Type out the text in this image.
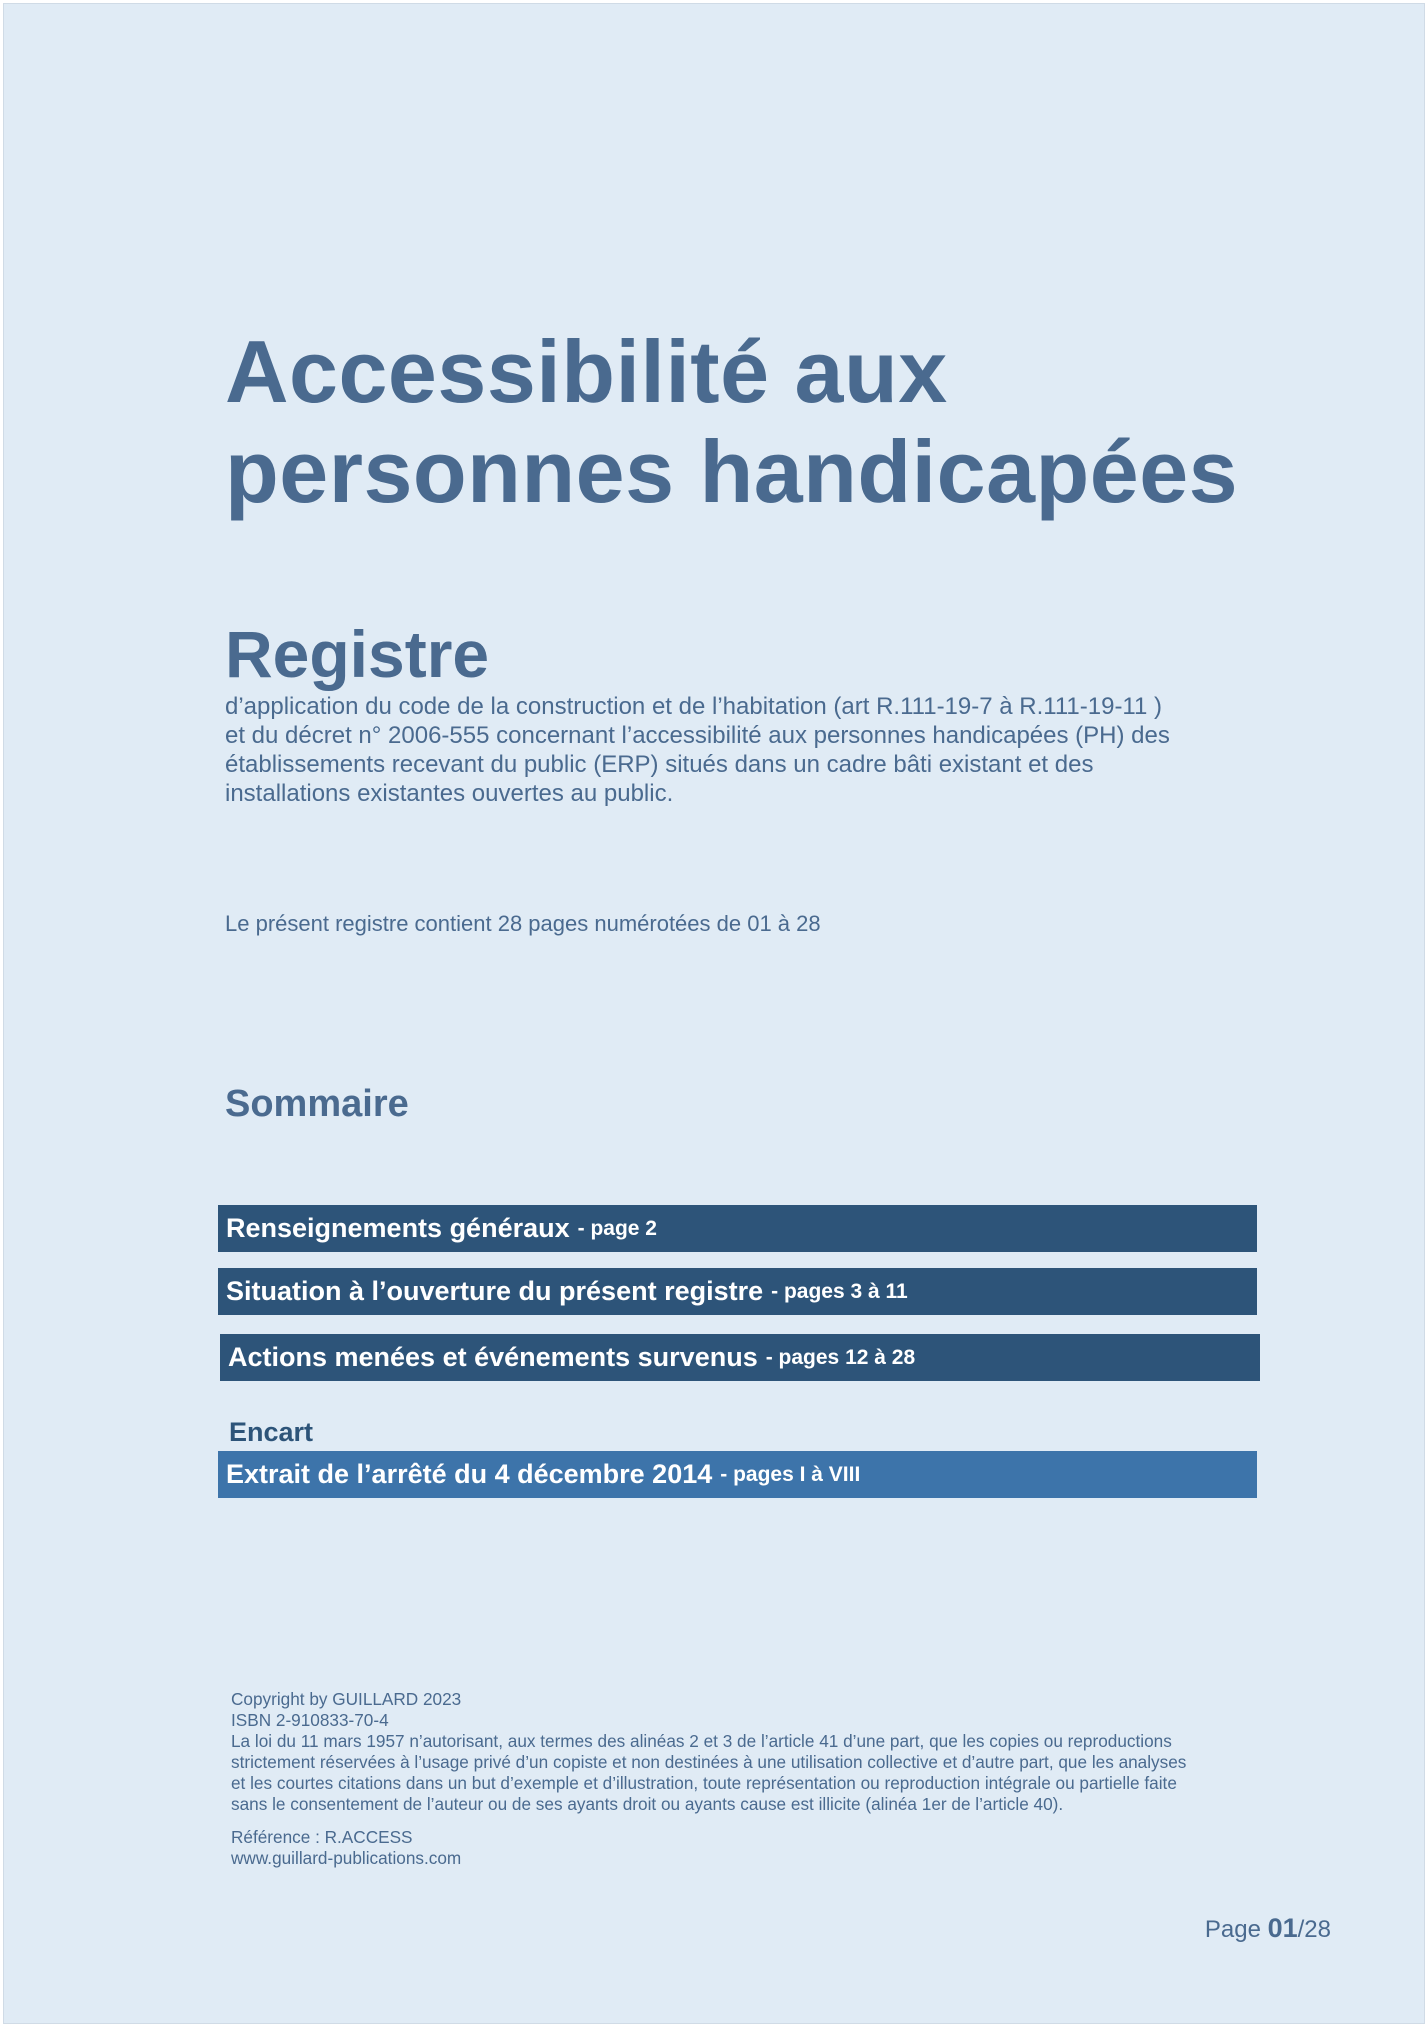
Accessibilité aux
personnes handicapées
Registre
d’application du code de la construction et de l’habitation (art R.111-19-7 à R.111-19-11 )
et du décret n° 2006-555 concernant l’accessibilité aux personnes handicapées (PH) des
établissements recevant du public (ERP) situés dans un cadre bâti existant et des
installations existantes ouvertes au public.
Le présent registre contient 28 pages numérotées de 01 à 28
Sommaire
Renseignements généraux - page 2
Situation à l’ouverture du présent registre - pages 3 à 11
Actions menées et événements survenus - pages 12 à 28
Encart
Extrait de l’arrêté du 4 décembre 2014 - pages I à VIII
Copyright by GUILLARD 2023
ISBN 2-910833-70-4
La loi du 11 mars 1957 n’autorisant, aux termes des alinéas 2 et 3 de l’article 41 d’une part, que les copies ou reproductions
strictement réservées à l’usage privé d’un copiste et non destinées à une utilisation collective et d’autre part, que les analyses
et les courtes citations dans un but d’exemple et d’illustration, toute représentation ou reproduction intégrale ou partielle faite
sans le consentement de l’auteur ou de ses ayants droit ou ayants cause est illicite (alinéa 1er de l’article 40).
Référence : R.ACCESS
www.guillard-publications.com
Page 01/28
